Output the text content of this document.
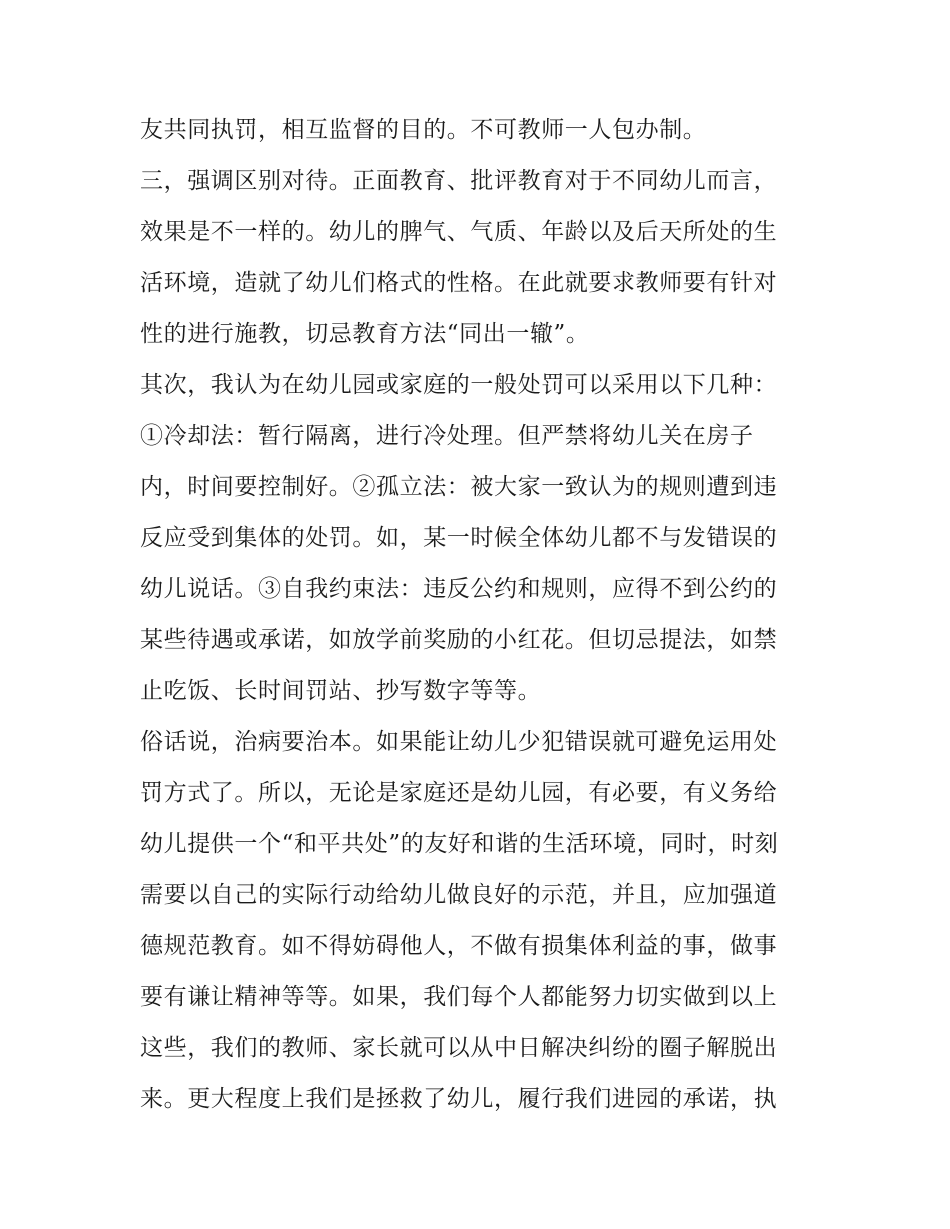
友共同执罚，相互监督的目的。不可教师一人包办制。
三，强调区别对待。正面教育、批评教育对于不同幼儿而言，
效果是不一样的。幼儿的脾气、气质、年龄以及后天所处的生
活环境，造就了幼儿们格式的性格。在此就要求教师要有针对
性的进行施教，切忌教育方法“同出一辙”。
其次，我认为在幼儿园或家庭的一般处罚可以采用以下几种：
①冷却法：暂行隔离，进行冷处理。但严禁将幼儿关在房子
内，时间要控制好。②孤立法：被大家一致认为的规则遭到违
反应受到集体的处罚。如，某一时候全体幼儿都不与发错误的
幼儿说话。③自我约束法：违反公约和规则，应得不到公约的
某些待遇或承诺，如放学前奖励的小红花。但切忌提法，如禁
止吃饭、长时间罚站、抄写数字等等。
俗话说，治病要治本。如果能让幼儿少犯错误就可避免运用处
罚方式了。所以，无论是家庭还是幼儿园，有必要，有义务给
幼儿提供一个“和平共处”的友好和谐的生活环境，同时，时刻
需要以自己的实际行动给幼儿做良好的示范，并且，应加强道
德规范教育。如不得妨碍他人，不做有损集体利益的事，做事
要有谦让精神等等。如果，我们每个人都能努力切实做到以上
这些，我们的教师、家长就可以从中日解决纠纷的圈子解脱出
来。更大程度上我们是拯救了幼儿，履行我们进园的承诺，执
